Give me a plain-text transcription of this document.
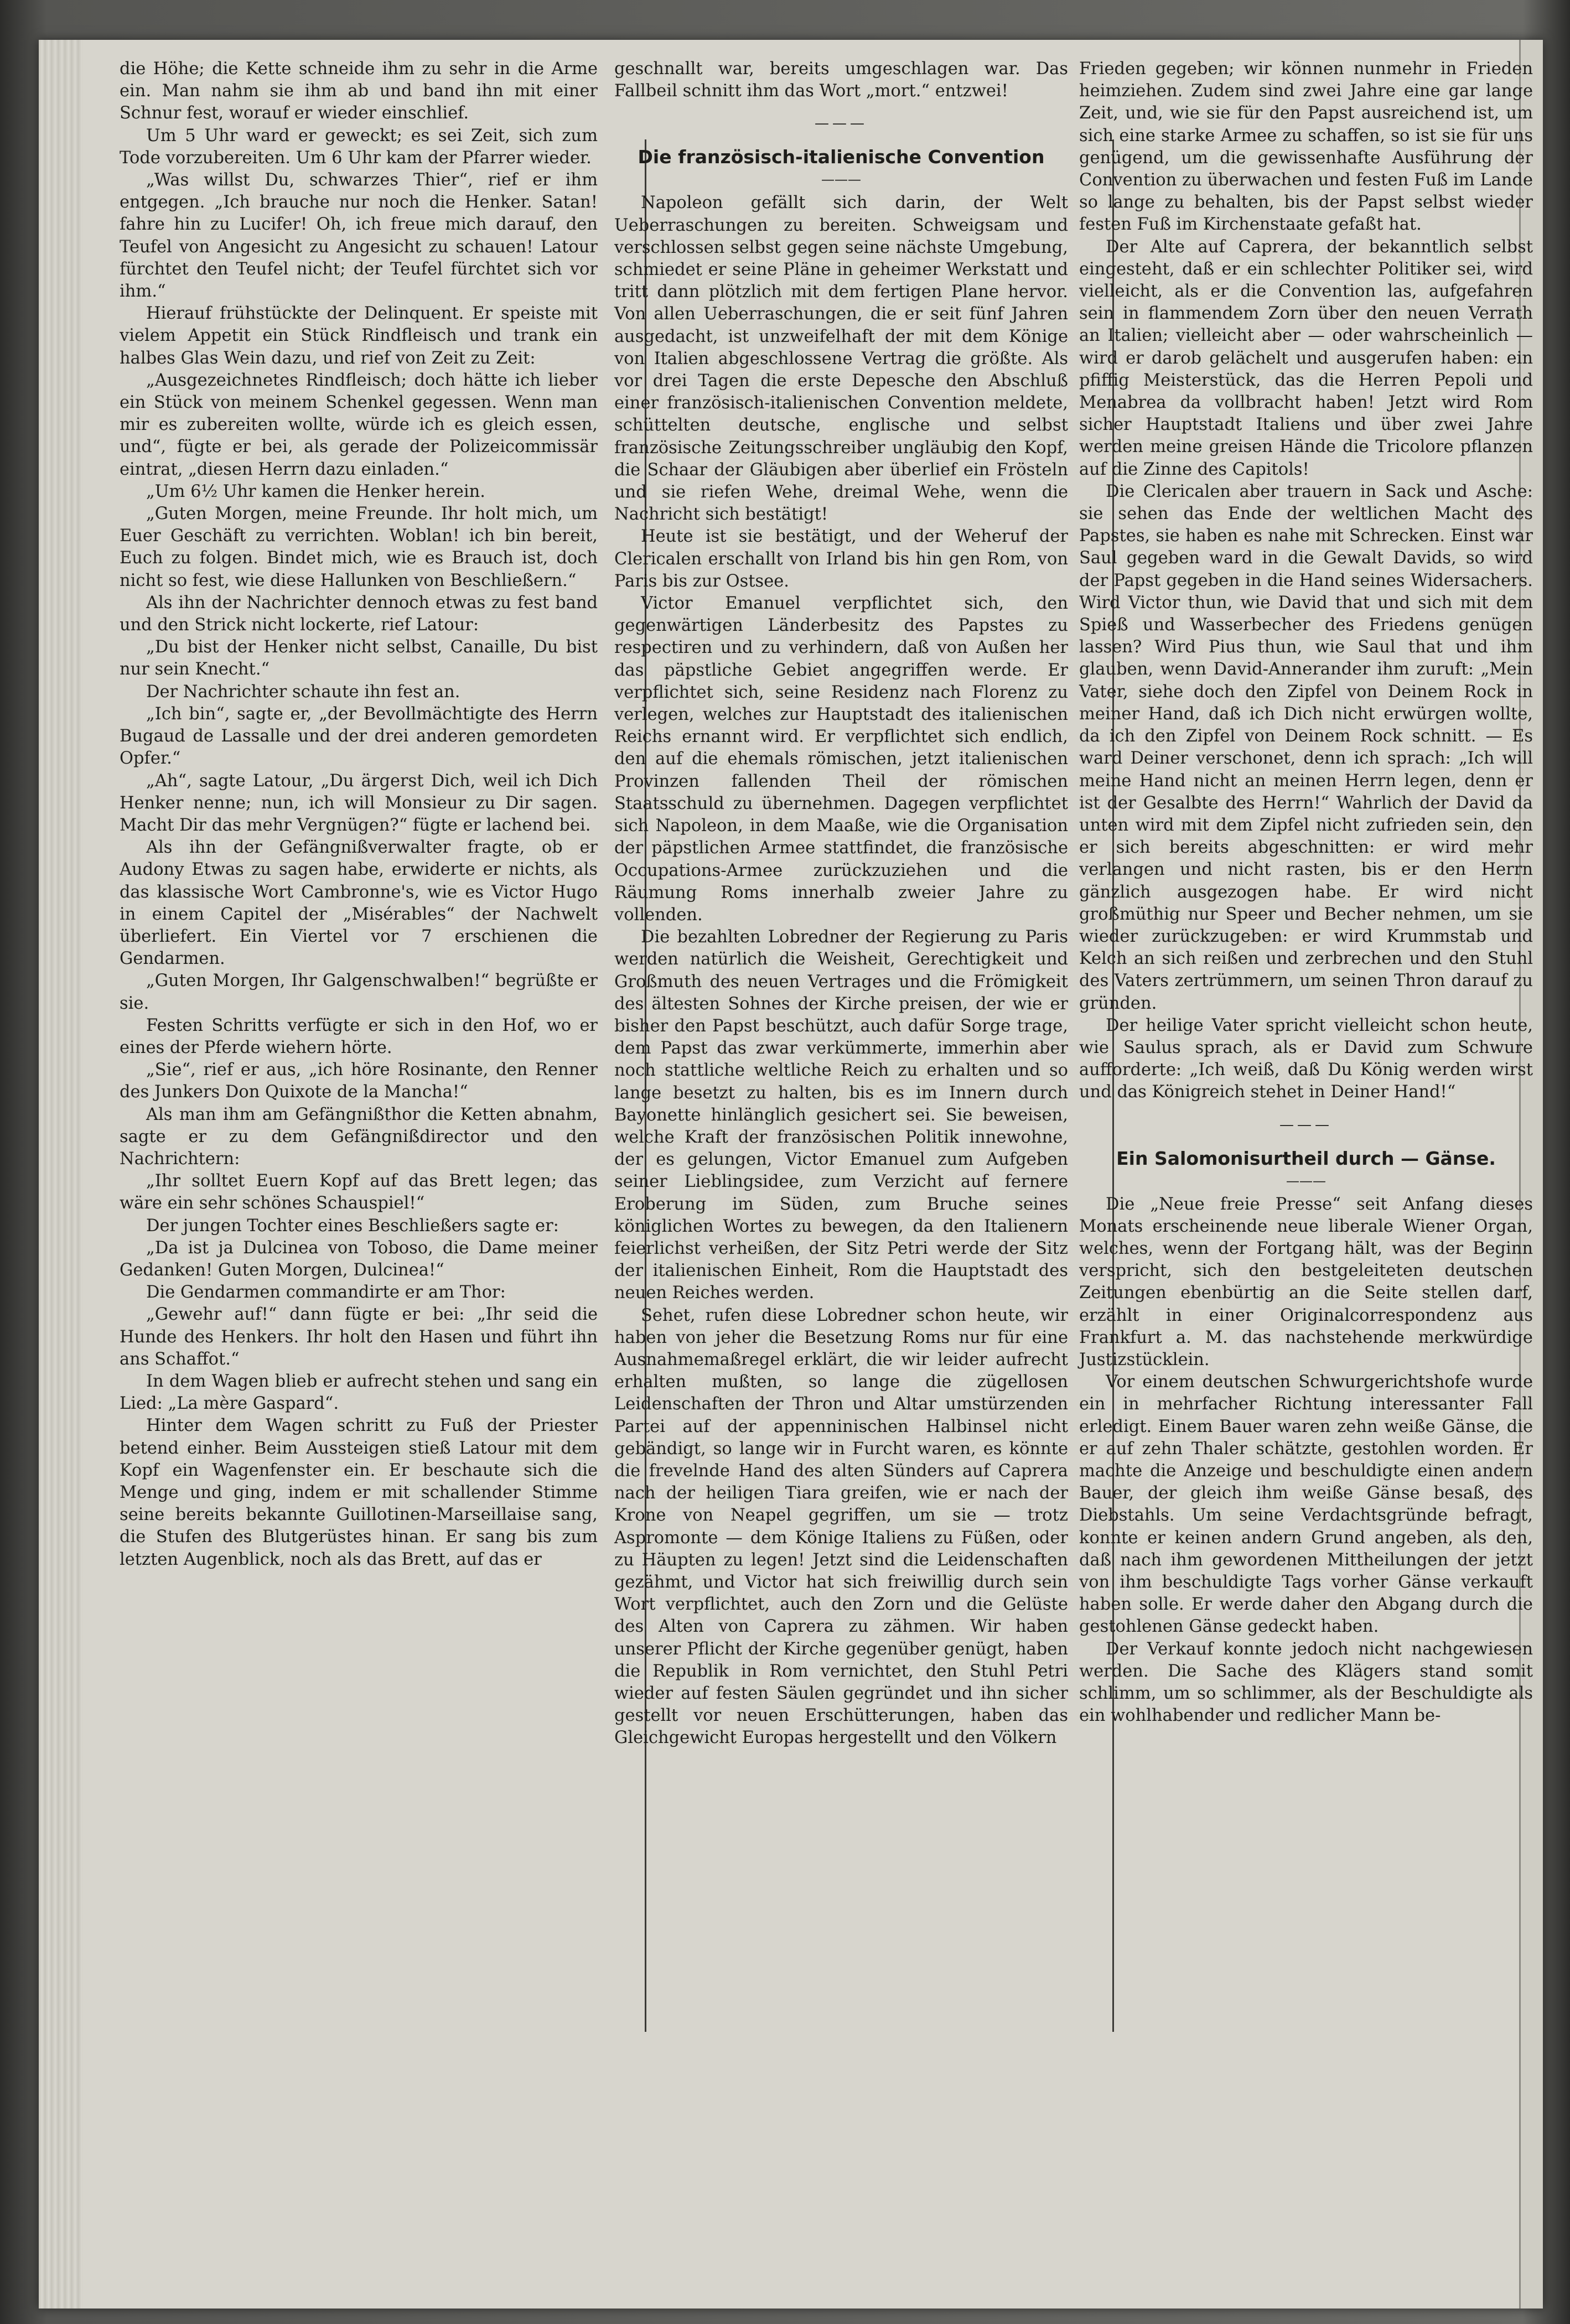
die Höhe; die Kette schneide ihm zu sehr in die Arme ein. Man nahm sie ihm ab und band ihn mit einer Schnur fest, worauf er wieder einschlief.

Um 5 Uhr ward er geweckt; es sei Zeit, sich zum Tode vorzubereiten. Um 6 Uhr kam der Pfarrer wieder.

„Was willst Du, schwarzes Thier“, rief er ihm entgegen. „Ich brauche nur noch die Henker. Satan! fahre hin zu Lucifer! Oh, ich freue mich darauf, den Teufel von Angesicht zu Angesicht zu schauen! Latour fürchtet den Teufel nicht; der Teufel fürchtet sich vor ihm.“

Hierauf frühstückte der Delinquent. Er speiste mit vielem Appetit ein Stück Rindfleisch und trank ein halbes Glas Wein dazu, und rief von Zeit zu Zeit:

„Ausgezeichnetes Rindfleisch; doch hätte ich lieber ein Stück von meinem Schenkel gegessen. Wenn man mir es zubereiten wollte, würde ich es gleich essen, und“, fügte er bei, als gerade der Polizeicommissär eintrat, „diesen Herrn dazu einladen.“

„Um 6½ Uhr kamen die Henker herein.

„Guten Morgen, meine Freunde. Ihr holt mich, um Euer Geschäft zu verrichten. Woblan! ich bin bereit, Euch zu folgen. Bindet mich, wie es Brauch ist, doch nicht so fest, wie diese Hallunken von Beschließern.“

Als ihn der Nachrichter dennoch etwas zu fest band und den Strick nicht lockerte, rief Latour:

„Du bist der Henker nicht selbst, Canaille, Du bist nur sein Knecht.“

Der Nachrichter schaute ihn fest an.

„Ich bin“, sagte er, „der Bevollmächtigte des Herrn Bugaud de Lassalle und der drei anderen gemordeten Opfer.“

„Ah“, sagte Latour, „Du ärgerst Dich, weil ich Dich Henker nenne; nun, ich will Monsieur zu Dir sagen. Macht Dir das mehr Vergnügen?“ fügte er lachend bei.

Als ihn der Gefängnißverwalter fragte, ob er Audony Etwas zu sagen habe, erwiderte er nichts, als das klassische Wort Cambronne's, wie es Victor Hugo in einem Capitel der „Misérables“ der Nachwelt überliefert. Ein Viertel vor 7 erschienen die Gendarmen.

„Guten Morgen, Ihr Galgenschwalben!“ begrüßte er sie.

Festen Schritts verfügte er sich in den Hof, wo er eines der Pferde wiehern hörte.

„Sie“, rief er aus, „ich höre Rosinante, den Renner des Junkers Don Quixote de la Mancha!“

Als man ihm am Gefängnißthor die Ketten abnahm, sagte er zu dem Gefängnißdirector und den Nachrichtern:

„Ihr solltet Euern Kopf auf das Brett legen; das wäre ein sehr schönes Schauspiel!“

Der jungen Tochter eines Beschließers sagte er:

„Da ist ja Dulcinea von Toboso, die Dame meiner Gedanken! Guten Morgen, Dulcinea!“

Die Gendarmen commandirte er am Thor:

„Gewehr auf!“ dann fügte er bei: „Ihr seid die Hunde des Henkers. Ihr holt den Hasen und führt ihn ans Schaffot.“

In dem Wagen blieb er aufrecht stehen und sang ein Lied: „La mère Gaspard“.

Hinter dem Wagen schritt zu Fuß der Priester betend einher. Beim Aussteigen stieß Latour mit dem Kopf ein Wagenfenster ein. Er beschaute sich die Menge und ging, indem er mit schallender Stimme seine bereits bekannte Guillotinen-Marseillaise sang, die Stufen des Blutgerüstes hinan. Er sang bis zum letzten Augenblick, noch als das Brett, auf das er

geschnallt war, bereits umgeschlagen war. Das Fallbeil schnitt ihm das Wort „mort.“ entzwei!

———
Die französisch-italienische Convention
———

Napoleon gefällt sich darin, der Welt Ueberraschungen zu bereiten. Schweigsam und verschlossen selbst gegen seine nächste Umgebung, schmiedet er seine Pläne in geheimer Werkstatt und tritt dann plötzlich mit dem fertigen Plane hervor. Von allen Ueberraschungen, die er seit fünf Jahren ausgedacht, ist unzweifelhaft der mit dem Könige von Italien abgeschlossene Vertrag die größte. Als vor drei Tagen die erste Depesche den Abschluß einer französisch-italienischen Convention meldete, schüttelten deutsche, englische und selbst französische Zeitungsschreiber ungläubig den Kopf, die Schaar der Gläubigen aber überlief ein Frösteln und sie riefen Wehe, dreimal Wehe, wenn die Nachricht sich bestätigt!

Heute ist sie bestätigt, und der Weheruf der Clericalen erschallt von Irland bis hin gen Rom, von Paris bis zur Ostsee.

Victor Emanuel verpflichtet sich, den gegenwärtigen Länderbesitz des Papstes zu respectiren und zu verhindern, daß von Außen her das päpstliche Gebiet angegriffen werde. Er verpflichtet sich, seine Residenz nach Florenz zu verlegen, welches zur Hauptstadt des italienischen Reichs ernannt wird. Er verpflichtet sich endlich, den auf die ehemals römischen, jetzt italienischen Provinzen fallenden Theil der römischen Staatsschuld zu übernehmen. Dagegen verpflichtet sich Napoleon, in dem Maaße, wie die Organisation der päpstlichen Armee stattfindet, die französische Occupations-Armee zurückzuziehen und die Räumung Roms innerhalb zweier Jahre zu vollenden.

Die bezahlten Lobredner der Regierung zu Paris werden natürlich die Weisheit, Gerechtigkeit und Großmuth des neuen Vertrages und die Frömigkeit des ältesten Sohnes der Kirche preisen, der wie er bisher den Papst beschützt, auch dafür Sorge trage, dem Papst das zwar verkümmerte, immerhin aber noch stattliche weltliche Reich zu erhalten und so lange besetzt zu halten, bis es im Innern durch Bayonette hinlänglich gesichert sei. Sie beweisen, welche Kraft der französischen Politik innewohne, der es gelungen, Victor Emanuel zum Aufgeben seiner Lieblingsidee, zum Verzicht auf fernere Eroberung im Süden, zum Bruche seines königlichen Wortes zu bewegen, da den Italienern feierlichst verheißen, der Sitz Petri werde der Sitz der italienischen Einheit, Rom die Hauptstadt des neuen Reiches werden.

Sehet, rufen diese Lobredner schon heute, wir haben von jeher die Besetzung Roms nur für eine Ausnahmemaßregel erklärt, die wir leider aufrecht erhalten mußten, so lange die zügellosen Leidenschaften der Thron und Altar umstürzenden Partei auf der appenninischen Halbinsel nicht gebändigt, so lange wir in Furcht waren, es könnte die frevelnde Hand des alten Sünders auf Caprera nach der heiligen Tiara greifen, wie er nach der Krone von Neapel gegriffen, um sie — trotz Aspromonte — dem Könige Italiens zu Füßen, oder zu Häupten zu legen! Jetzt sind die Leidenschaften gezähmt, und Victor hat sich freiwillig durch sein Wort verpflichtet, auch den Zorn und die Gelüste des Alten von Caprera zu zähmen. Wir haben unserer Pflicht der Kirche gegenüber genügt, haben die Republik in Rom vernichtet, den Stuhl Petri wieder auf festen Säulen gegründet und ihn sicher gestellt vor neuen Erschütterungen, haben das Gleichgewicht Europas hergestellt und den Völkern

Frieden gegeben; wir können nunmehr in Frieden heimziehen. Zudem sind zwei Jahre eine gar lange Zeit, und, wie sie für den Papst ausreichend ist, um sich eine starke Armee zu schaffen, so ist sie für uns genügend, um die gewissenhafte Ausführung der Convention zu überwachen und festen Fuß im Lande so lange zu behalten, bis der Papst selbst wieder festen Fuß im Kirchenstaate gefaßt hat.

Der Alte auf Caprera, der bekanntlich selbst eingesteht, daß er ein schlechter Politiker sei, wird vielleicht, als er die Convention las, aufgefahren sein in flammendem Zorn über den neuen Verrath an Italien; vielleicht aber — oder wahrscheinlich — wird er darob gelächelt und ausgerufen haben: ein pfiffig Meisterstück, das die Herren Pepoli und Menabrea da vollbracht haben! Jetzt wird Rom sicher Hauptstadt Italiens und über zwei Jahre werden meine greisen Hände die Tricolore pflanzen auf die Zinne des Capitols!

Die Clericalen aber trauern in Sack und Asche: sie sehen das Ende der weltlichen Macht des Papstes, sie haben es nahe mit Schrecken. Einst war Saul gegeben ward in die Gewalt Davids, so wird der Papst gegeben in die Hand seines Widersachers. Wird Victor thun, wie David that und sich mit dem Spieß und Wasserbecher des Friedens genügen lassen? Wird Pius thun, wie Saul that und ihm glauben, wenn David-Annerander ihm zuruft: „Mein Vater, siehe doch den Zipfel von Deinem Rock in meiner Hand, daß ich Dich nicht erwürgen wollte, da ich den Zipfel von Deinem Rock schnitt. — Es ward Deiner verschonet, denn ich sprach: „Ich will meine Hand nicht an meinen Herrn legen, denn er ist der Gesalbte des Herrn!“ Wahrlich der David da unten wird mit dem Zipfel nicht zufrieden sein, den er sich bereits abgeschnitten: er wird mehr verlangen und nicht rasten, bis er den Herrn gänzlich ausgezogen habe. Er wird nicht großmüthig nur Speer und Becher nehmen, um sie wieder zurückzugeben: er wird Krummstab und Kelch an sich reißen und zerbrechen und den Stuhl des Vaters zertrümmern, um seinen Thron darauf zu gründen.

Der heilige Vater spricht vielleicht schon heute, wie Saulus sprach, als er David zum Schwure aufforderte: „Ich weiß, daß Du König werden wirst und das Königreich stehet in Deiner Hand!“

———
Ein Salomonisurtheil durch — Gänse.
———

Die „Neue freie Presse“ seit Anfang dieses Monats erscheinende neue liberale Wiener Organ, welches, wenn der Fortgang hält, was der Beginn verspricht, sich den bestgeleiteten deutschen Zeitungen ebenbürtig an die Seite stellen darf, erzählt in einer Originalcorrespondenz aus Frankfurt a. M. das nachstehende merkwürdige Justizstücklein.

Vor einem deutschen Schwurgerichtshofe wurde ein in mehrfacher Richtung interessanter Fall erledigt. Einem Bauer waren zehn weiße Gänse, die er auf zehn Thaler schätzte, gestohlen worden. Er machte die Anzeige und beschuldigte einen andern Bauer, der gleich ihm weiße Gänse besaß, des Diebstahls. Um seine Verdachtsgründe befragt, konnte er keinen andern Grund angeben, als den, daß nach ihm gewordenen Mittheilungen der jetzt von ihm beschuldigte Tags vorher Gänse verkauft haben solle. Er werde daher den Abgang durch die gestohlenen Gänse gedeckt haben.

Der Verkauf konnte jedoch nicht nachgewiesen werden. Die Sache des Klägers stand somit schlimm, um so schlimmer, als der Beschuldigte als ein wohlhabender und redlicher Mann be-
